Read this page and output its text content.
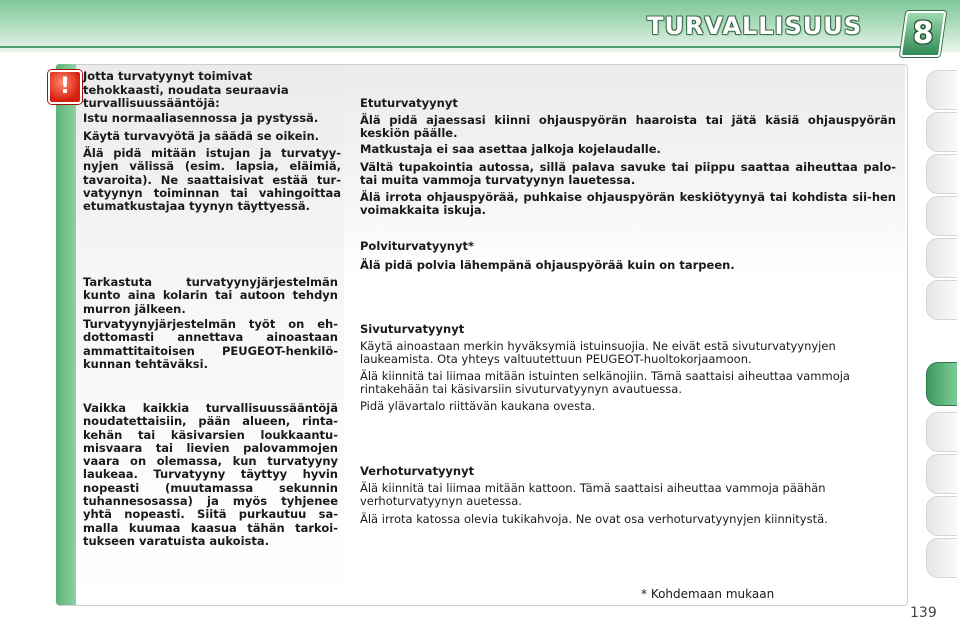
TURVALLISUUS 8
!	Jotta turvatyynyt toimivat tehokkaasti, noudata seuraavia turvallisuussääntöjä:

Istu normaaliasennossa ja pystyssä.

Käytä turvavyötä ja säädä se oikein.

Älä pidä mitään istujan ja turvatyy-nyjen välissä (esim. lapsia, eläimiä, tavaroita). Ne saattaisivat estää tur-vatyynyn toiminnan tai vahingoittaa etumatkustajaa tyynyn täyttyessä.

Tarkastuta turvatyynyjärjestelmän kunto aina kolarin tai autoon tehdyn murron jälkeen.

Turvatyynyjärjestelmän työt on eh-dottomasti annettava ainoastaan ammattitaitoisen PEUGEOT-henkilö-kunnan tehtäväksi.

Vaikka kaikkia turvallisuussääntöjä noudatettaisiin, pään alueen, rinta-kehän tai käsivarsien loukkaantu-misvaara tai lievien palovammojen vaara on olemassa, kun turvatyyny laukeaa. Turvatyyny täyttyy hyvin nopeasti (muutamassa sekunnin tuhannesosassa) ja myös tyhjenee yhtä nopeasti. Siitä purkautuu sa-malla kuumaa kaasua tähän tarkoi-tukseen varatuista aukoista.

Etuturvatyynyt

Älä pidä ajaessasi kiinni ohjauspyörän haaroista tai jätä käsiä ohjauspyörän keskiön päälle.

Matkustaja ei saa asettaa jalkoja kojelaudalle.

Vältä tupakointia autossa, sillä palava savuke tai piippu saattaa aiheuttaa palo-tai muita vammoja turvatyynyn lauetessa.

Älä irrota ohjauspyörää, puhkaise ohjauspyörän keskiötyynyä tai kohdista sii-hen voimakkaita iskuja.

Polviturvatyynyt*

Älä pidä polvia lähempänä ohjauspyörää kuin on tarpeen.

Sivuturvatyynyt

Käytä ainoastaan merkin hyväksymiä istuinsuojia. Ne eivät estä sivuturvatyynyjen laukeamista. Ota yhteys valtuutettuun PEUGEOT-huoltokorjaamoon.

Älä kiinnitä tai liimaa mitään istuinten selkänojiin. Tämä saattaisi aiheuttaa vammoja rintakehään tai käsivarsiin sivuturvatyynyn avautuessa.

Pidä ylävartalo riittävän kaukana ovesta.

Verhoturvatyynyt

Älä kiinnitä tai liimaa mitään kattoon. Tämä saattaisi aiheuttaa vammoja päähän verhoturvatyynyn auetessa.

Älä irrota katossa olevia tukikahvoja. Ne ovat osa verhoturvatyynyjen kiinnitystä.

* Kohdemaan mukaan
139
